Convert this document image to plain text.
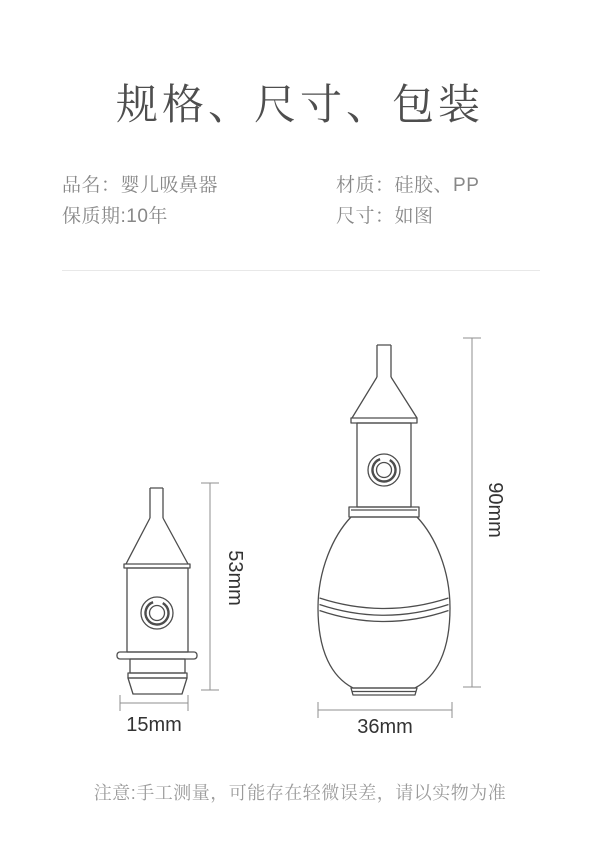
规格、尺寸、包装
品名：婴儿吸鼻器
保质期:10年
材质：硅胶、PP
尺寸：如图
53mm
15mm
90mm
36mm
注意:手工测量，可能存在轻微误差，请以实物为准
